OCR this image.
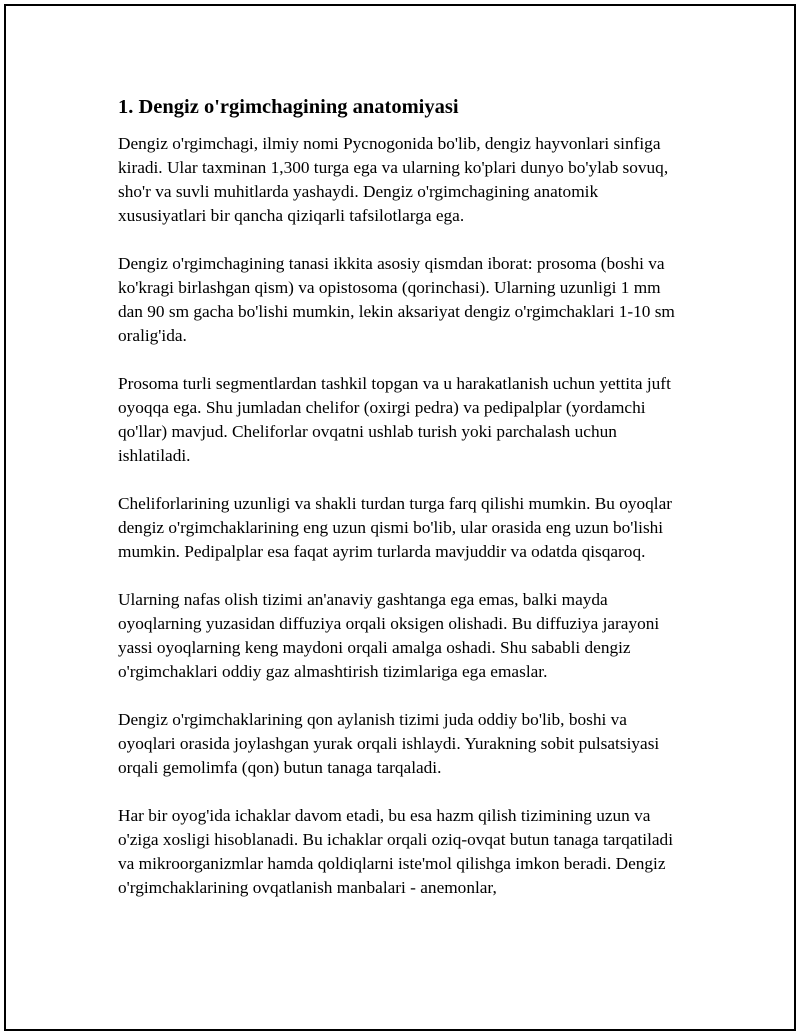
1. Dengiz o'rgimchagining anatomiyasi

Dengiz o'rgimchagi, ilmiy nomi Pycnogonida bo'lib, dengiz hayvonlari sinfiga kiradi. Ular taxminan 1,300 turga ega va ularning ko'plari dunyo bo'ylab sovuq, sho'r va suvli muhitlarda yashaydi. Dengiz o'rgimchagining anatomik xususiyatlari bir qancha qiziqarli tafsilotlarga ega.

Dengiz o'rgimchagining tanasi ikkita asosiy qismdan iborat: prosoma (boshi va ko'kragi birlashgan qism) va opistosoma (qorinchasi). Ularning uzunligi 1 mm dan 90 sm gacha bo'lishi mumkin, lekin aksariyat dengiz o'rgimchaklari 1-10 sm oralig'ida.

Prosoma turli segmentlardan tashkil topgan va u harakatlanish uchun yettita juft oyoqqa ega. Shu jumladan chelifor (oxirgi pedra) va pedipalplar (yordamchi qo'llar) mavjud. Cheliforlar ovqatni ushlab turish yoki parchalash uchun ishlatiladi.

Cheliforlarining uzunligi va shakli turdan turga farq qilishi mumkin. Bu oyoqlar dengiz o'rgimchaklarining eng uzun qismi bo'lib, ular orasida eng uzun bo'lishi mumkin. Pedipalplar esa faqat ayrim turlarda mavjuddir va odatda qisqaroq.

Ularning nafas olish tizimi an'anaviy gashtanga ega emas, balki mayda oyoqlarning yuzasidan diffuziya orqali oksigen olishadi. Bu diffuziya jarayoni yassi oyoqlarning keng maydoni orqali amalga oshadi. Shu sababli dengiz o'rgimchaklari oddiy gaz almashtirish tizimlariga ega emaslar.

Dengiz o'rgimchaklarining qon aylanish tizimi juda oddiy bo'lib, boshi va oyoqlari orasida joylashgan yurak orqali ishlaydi. Yurakning sobit pulsatsiyasi orqali gemolimfa (qon) butun tanaga tarqaladi.

Har bir oyog'ida ichaklar davom etadi, bu esa hazm qilish tizimining uzun va o'ziga xosligi hisoblanadi. Bu ichaklar orqali oziq-ovqat butun tanaga tarqatiladi va mikroorganizmlar hamda qoldiqlarni iste'mol qilishga imkon beradi. Dengiz o'rgimchaklarining ovqatlanish manbalari - anemonlar,
